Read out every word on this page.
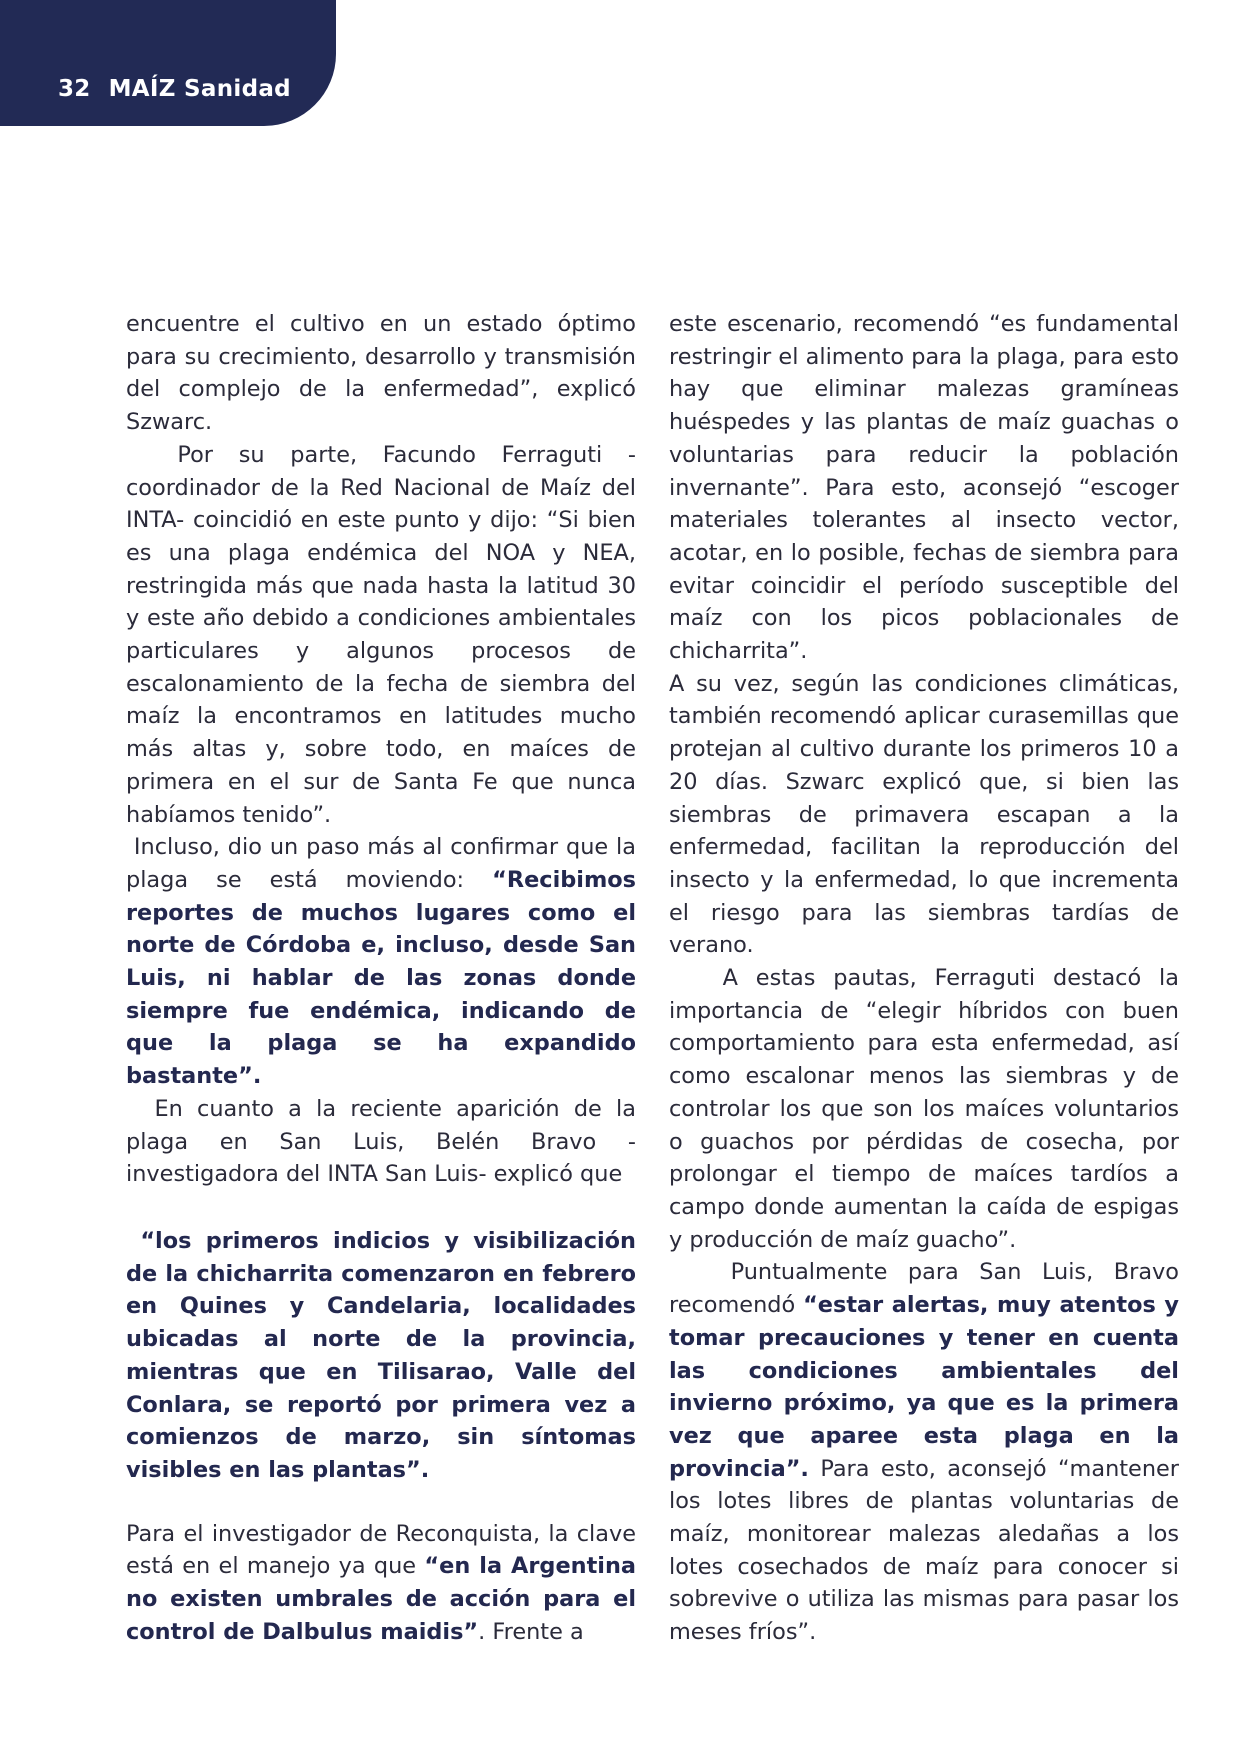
32 MAÍZ Sanidad

encuentre el cultivo en un estado óptimo para su crecimiento, desarrollo y transmisión del complejo de la enfermedad”, explicó Szwarc.

Por su parte, Facundo Ferraguti - coordinador de la Red Nacional de Maíz del INTA- coincidió en este punto y dijo: “Si bien es una plaga endémica del NOA y NEA, restringida más que nada hasta la latitud 30 y este año debido a condiciones ambientales particulares y algunos procesos de escalonamiento de la fecha de siembra del maíz la encontramos en latitudes mucho más altas y, sobre todo, en maíces de primera en el sur de Santa Fe que nunca habíamos tenido”.

Incluso, dio un paso más al confirmar que la plaga se está moviendo: “Recibimos reportes de muchos lugares como el norte de Córdoba e, incluso, desde San Luis, ni hablar de las zonas donde siempre fue endémica, indicando de que la plaga se ha expandido bastante”.

En cuanto a la reciente aparición de la plaga en San Luis, Belén Bravo - investigadora del INTA San Luis- explicó que

“los primeros indicios y visibilización de la chicharrita comenzaron en febrero en Quines y Candelaria, localidades ubicadas al norte de la provincia, mientras que en Tilisarao, Valle del Conlara, se reportó por primera vez a comienzos de marzo, sin síntomas visibles en las plantas”.

Para el investigador de Reconquista, la clave está en el manejo ya que “en la Argentina no existen umbrales de acción para el control de Dalbulus maidis”. Frente a

este escenario, recomendó “es fundamental restringir el alimento para la plaga, para esto hay que eliminar malezas gramíneas huéspedes y las plantas de maíz guachas o voluntarias para reducir la población invernante”. Para esto, aconsejó “escoger materiales tolerantes al insecto vector, acotar, en lo posible, fechas de siembra para evitar coincidir el período susceptible del maíz con los picos poblacionales de chicharrita”.

A su vez, según las condiciones climáticas, también recomendó aplicar curasemillas que protejan al cultivo durante los primeros 10 a 20 días. Szwarc explicó que, si bien las siembras de primavera escapan a la enfermedad, facilitan la reproducción del insecto y la enfermedad, lo que incrementa el riesgo para las siembras tardías de verano.

A estas pautas, Ferraguti destacó la importancia de “elegir híbridos con buen comportamiento para esta enfermedad, así como escalonar menos las siembras y de controlar los que son los maíces voluntarios o guachos por pérdidas de cosecha, por prolongar el tiempo de maíces tardíos a campo donde aumentan la caída de espigas y producción de maíz guacho”.

Puntualmente para San Luis, Bravo recomendó “estar alertas, muy atentos y tomar precauciones y tener en cuenta las condiciones ambientales del invierno próximo, ya que es la primera vez que aparee esta plaga en la provincia”. Para esto, aconsejó “mantener los lotes libres de plantas voluntarias de maíz, monitorear malezas aledañas a los lotes cosechados de maíz para conocer si sobrevive o utiliza las mismas para pasar los meses fríos”.
